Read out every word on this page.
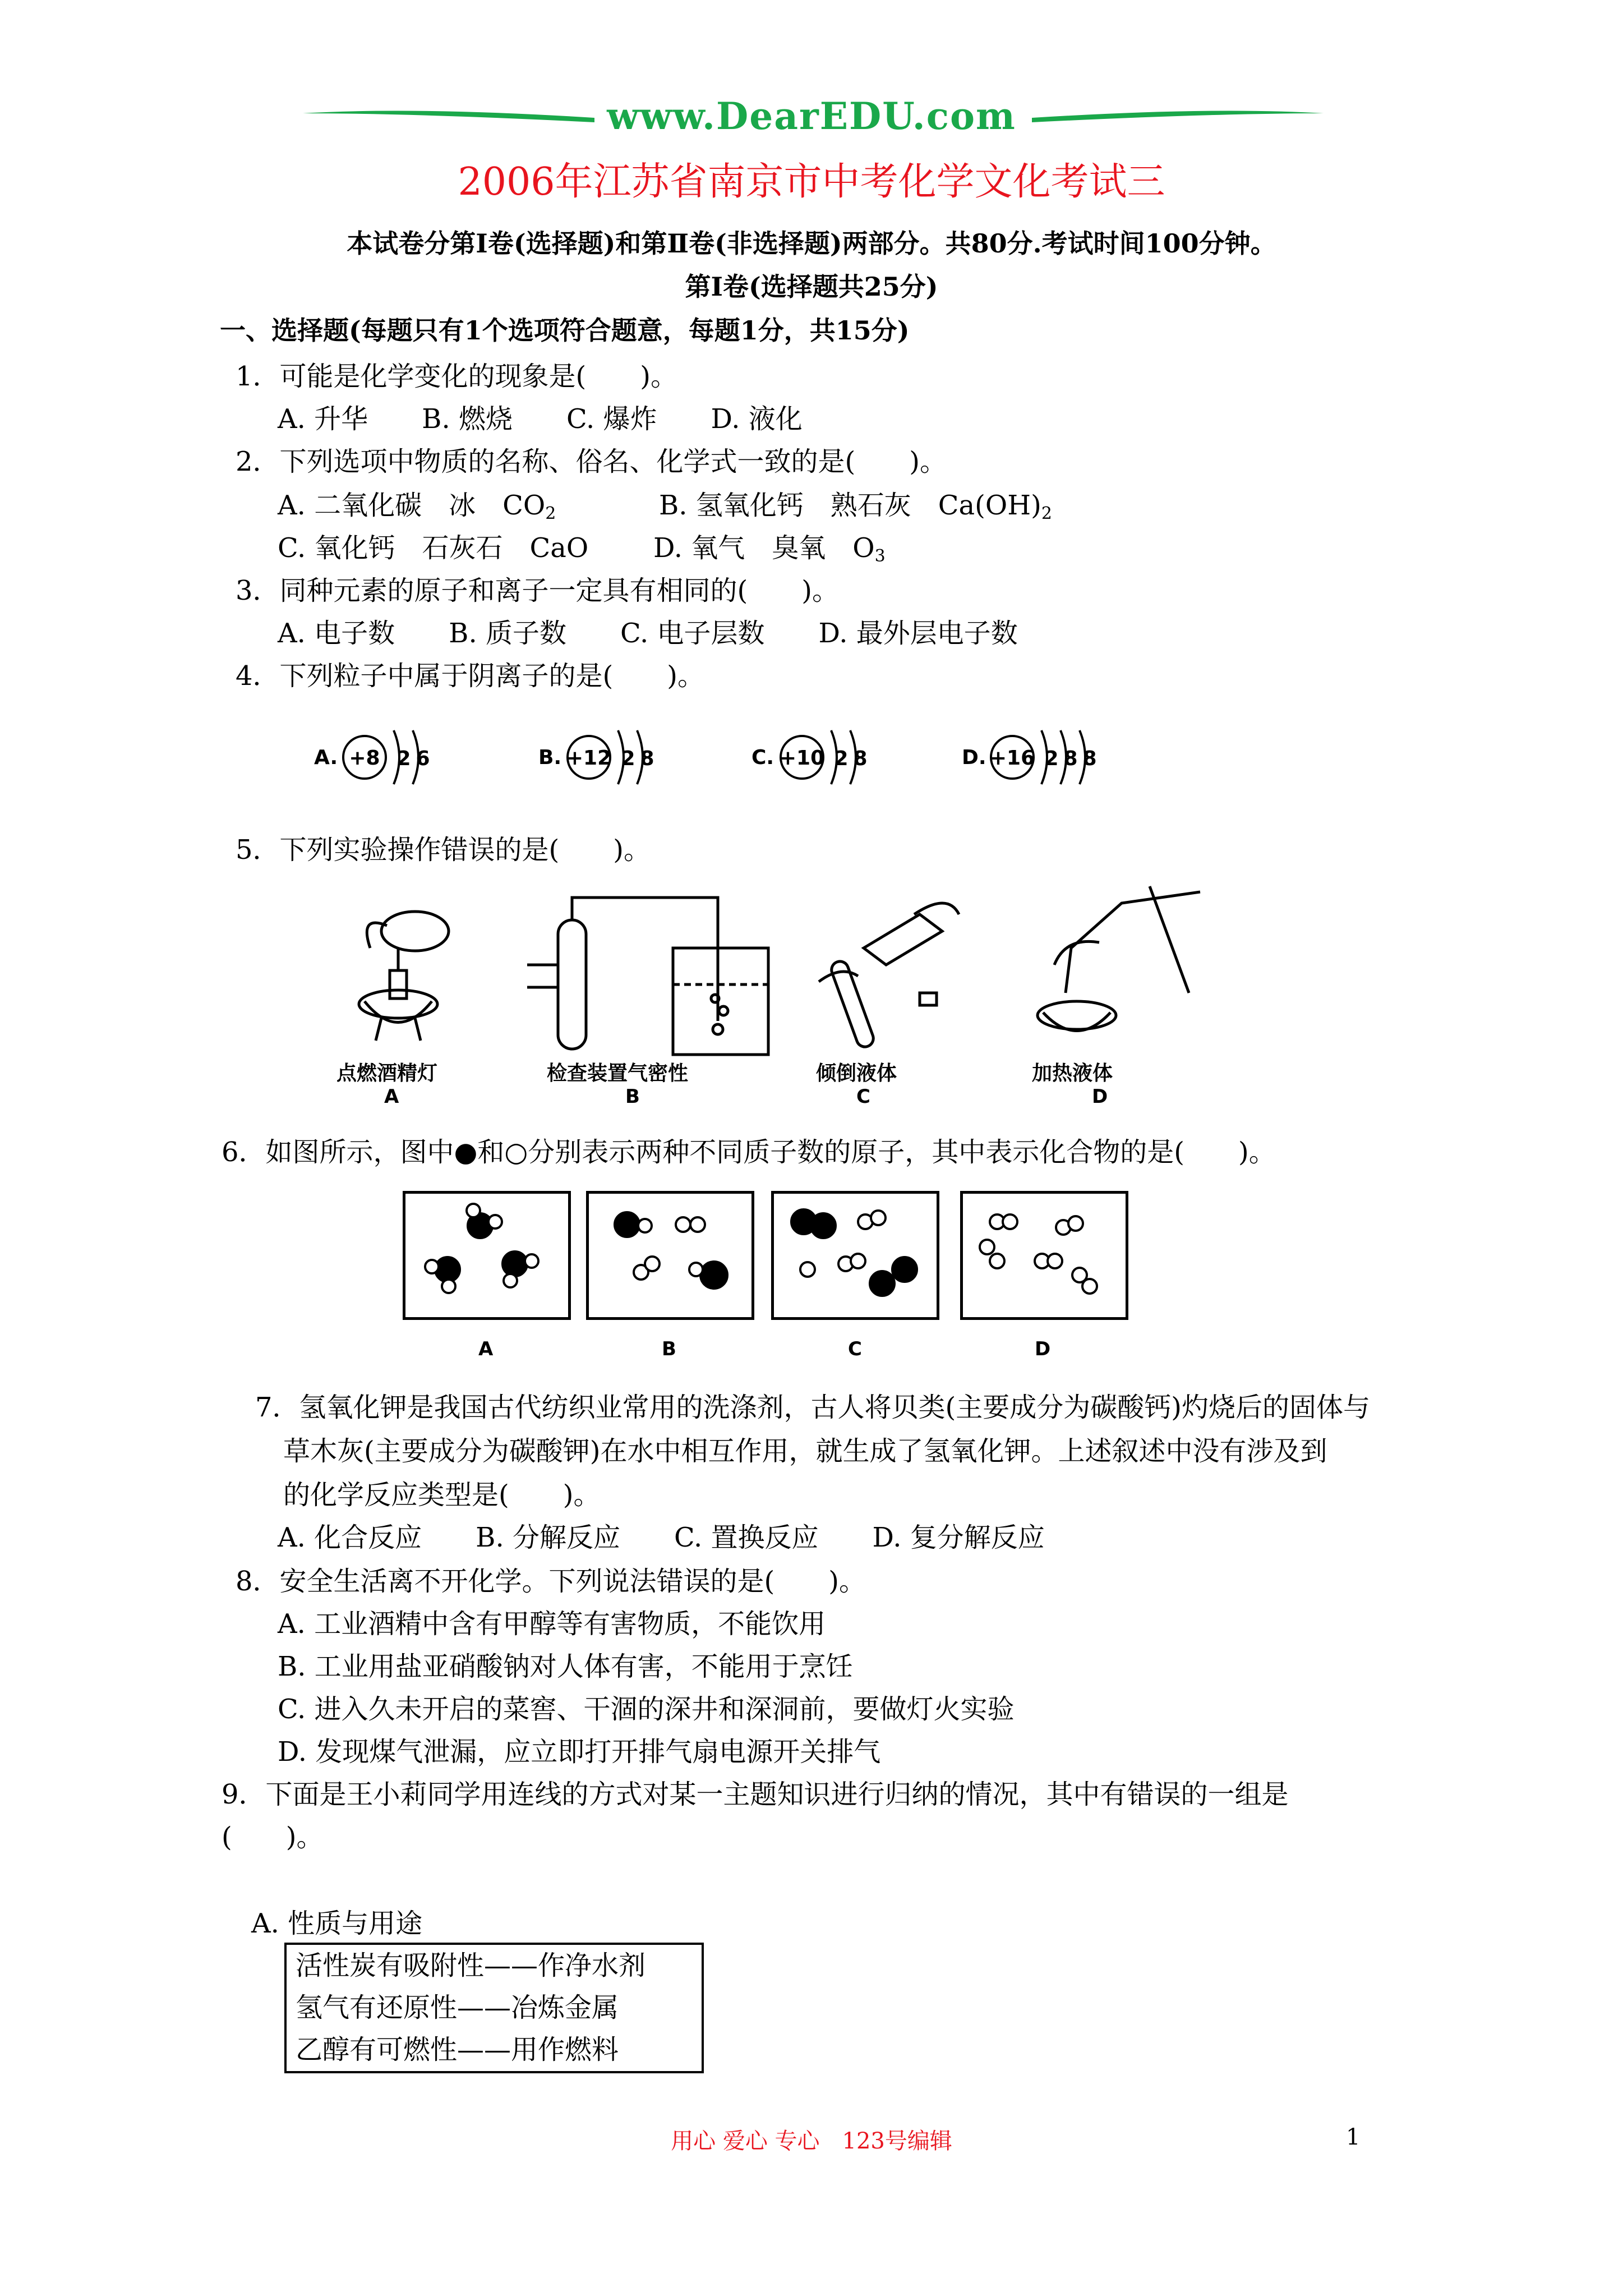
www.DearEDU.com
2006年江苏省南京市中考化学文化考试三
本试卷分第Ⅰ卷(选择题)和第Ⅱ卷(非选择题)两部分。共80分.考试时间100分钟。
第Ⅰ卷(选择题共25分)
一、选择题(每题只有1个选项符合题意，每题1分，共15分)
1．可能是化学变化的现象是(　　)。
A. 升华　　B. 燃烧　　C. 爆炸　　D. 液化
2．下列选项中物质的名称、俗名、化学式一致的是(　　)。
A. 二氧化碳　冰　$CO_2$	B. 氢氧化钙　熟石灰　$Ca(OH)_2$
C. 氧化钙　石灰石　CaO D. 氧气　臭氧　$O_3$
3．同种元素的原子和离子一定具有相同的(　　)。
A. 电子数　　B. 质子数　　C. 电子层数　　D. 最外层电子数
4．下列粒子中属于阴离子的是(　　)。
A. +8 2 6	B. +12 2 8	C. +10 2 8	D. +16 2 8 8
5．下列实验操作错误的是(　　)。
点燃酒精灯	检查装置气密性	倾倒液体	加热液体
A	B	C	D
6．如图所示，图中●和○分别表示两种不同质子数的原子，其中表示化合物的是(　　)。
A	B	C	D
7．氢氧化钾是我国古代纺织业常用的洗涤剂，古人将贝类(主要成分为碳酸钙)灼烧后的固体与
草木灰(主要成分为碳酸钾)在水中相互作用，就生成了氢氧化钾。上述叙述中没有涉及到
的化学反应类型是(　　)。
A. 化合反应　　B. 分解反应　　C. 置换反应　　D. 复分解反应
8．安全生活离不开化学。下列说法错误的是(　　)。
A. 工业酒精中含有甲醇等有害物质，不能饮用
B. 工业用盐亚硝酸钠对人体有害，不能用于烹饪
C. 进入久未开启的菜窖、干涸的深井和深洞前，要做灯火实验
D. 发现煤气泄漏，应立即打开排气扇电源开关排气
9．下面是王小莉同学用连线的方式对某一主题知识进行归纳的情况，其中有错误的一组是
(　　)。
A. 性质与用途
活性炭有吸附性——作净水剂
氢气有还原性——冶炼金属
乙醇有可燃性——用作燃料
用心 爱心 专心　123号编辑	1
